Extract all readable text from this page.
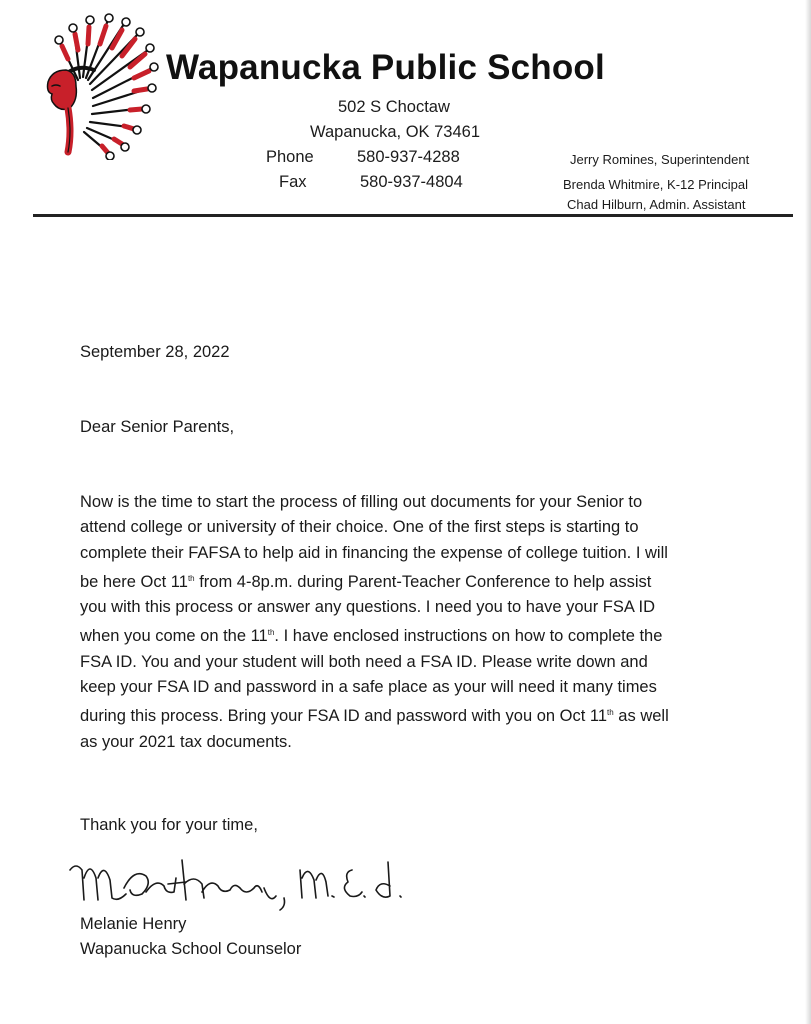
Wapanucka Public School
502 S Choctaw
Wapanucka, OK 73461
Phone	580-937-4288
Fax	580-937-4804
Jerry Romines, Superintendent
Brenda Whitmire, K-12 Principal
Chad Hilburn, Admin. Assistant
September 28, 2022
Dear Senior Parents,
Now is the time to start the process of filling out documents for your Senior to
attend college or university of their choice. One of the first steps is starting to
complete their FAFSA to help aid in financing the expense of college tuition. I will
be here Oct 11th from 4-8p.m. during Parent-Teacher Conference to help assist
you with this process or answer any questions. I need you to have your FSA ID
when you come on the 11th. I have enclosed instructions on how to complete the
FSA ID. You and your student will both need a FSA ID. Please write down and
keep your FSA ID and password in a safe place as your will need it many times
during this process. Bring your FSA ID and password with you on Oct 11th as well
as your 2021 tax documents.
Thank you for your time,
Melanie Henry
Wapanucka School Counselor
